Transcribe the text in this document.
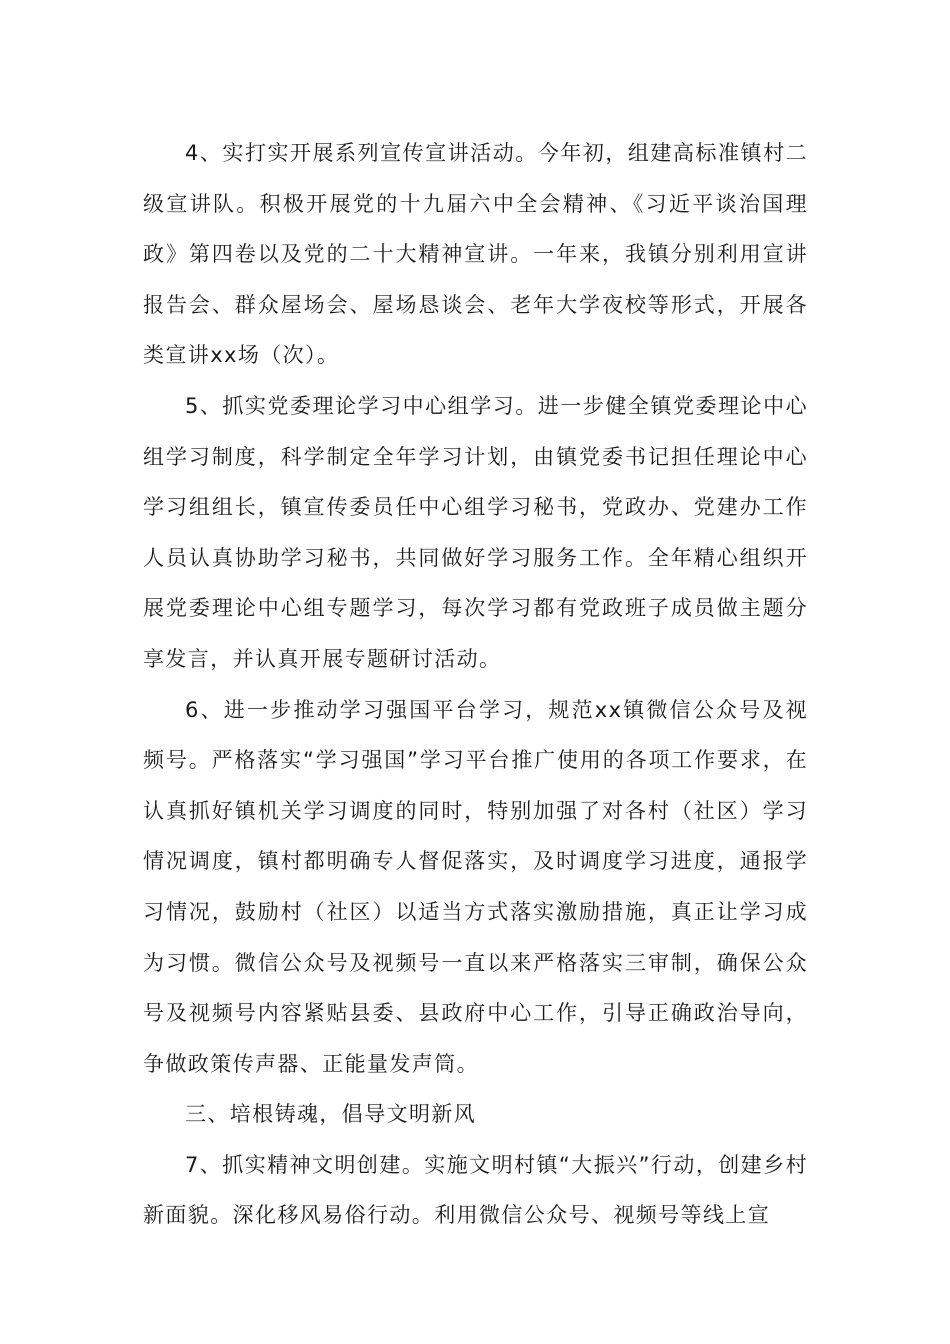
4、实打实开展系列宣传宣讲活动。今年初，组建高标准镇村二级宣讲队。积极开展党的十九届六中全会精神、《习近平谈治国理政》第四卷以及党的二十大精神宣讲。一年来，我镇分别利用宣讲报告会、群众屋场会、屋场恳谈会、老年大学夜校等形式，开展各类宣讲xx场（次）。

5、抓实党委理论学习中心组学习。进一步健全镇党委理论中心组学习制度，科学制定全年学习计划，由镇党委书记担任理论中心学习组组长，镇宣传委员任中心组学习秘书，党政办、党建办工作人员认真协助学习秘书，共同做好学习服务工作。全年精心组织开展党委理论中心组专题学习，每次学习都有党政班子成员做主题分享发言，并认真开展专题研讨活动。

6、进一步推动学习强国平台学习，规范xx镇微信公众号及视频号。严格落实“学习强国”学习平台推广使用的各项工作要求，在认真抓好镇机关学习调度的同时，特别加强了对各村（社区）学习情况调度，镇村都明确专人督促落实，及时调度学习进度，通报学习情况，鼓励村（社区）以适当方式落实激励措施，真正让学习成为习惯。微信公众号及视频号一直以来严格落实三审制，确保公众号及视频号内容紧贴县委、县政府中心工作，引导正确政治导向，争做政策传声器、正能量发声筒。

三、培根铸魂，倡导文明新风

7、抓实精神文明创建。实施文明村镇“大振兴”行动，创建乡村新面貌。深化移风易俗行动。利用微信公众号、视频号等线上宣
